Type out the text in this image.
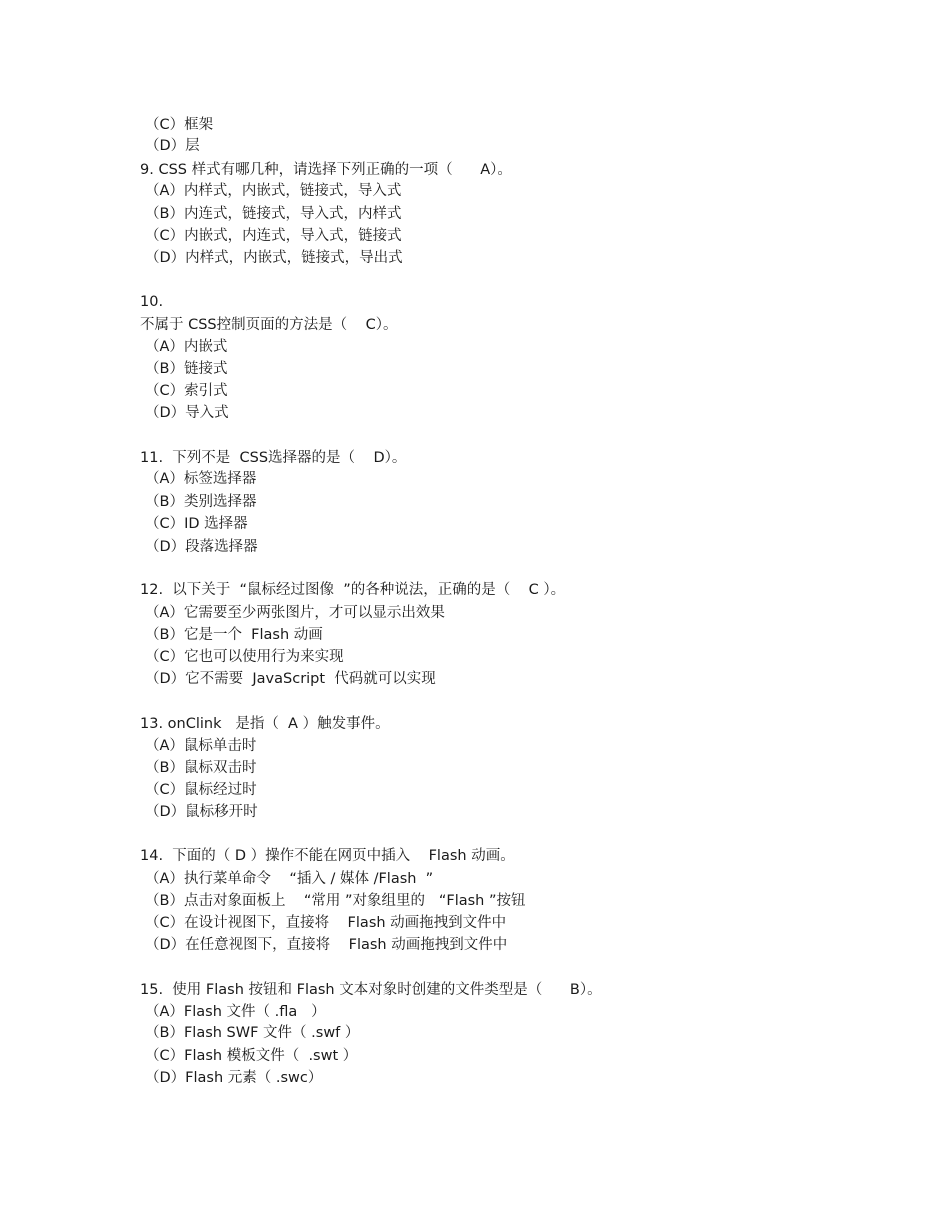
（C）框架
（D）层
9. CSS 样式有哪几种，请选择下列正确的一项（      A）。
（A）内样式，内嵌式，链接式，导入式
（B）内连式，链接式，导入式，内样式
（C）内嵌式，内连式，导入式，链接式
（D）内样式，内嵌式，链接式，导出式
10.
不属于 CSS控制页面的方法是（    C）。
（A）内嵌式
（B）链接式
（C）索引式
（D）导入式
11.  下列不是  CSS选择器的是（    D）。
（A）标签选择器
（B）类别选择器
（C）ID 选择器
（D）段落选择器
12.  以下关于  “鼠标经过图像  ”的各种说法，正确的是（    C ）。
（A）它需要至少两张图片，才可以显示出效果
（B）它是一个  Flash 动画
（C）它也可以使用行为来实现
（D）它不需要  JavaScript  代码就可以实现
13. onClink   是指（  A ）触发事件。
（A）鼠标单击时
（B）鼠标双击时
（C）鼠标经过时
（D）鼠标移开时
14.  下面的（ D ）操作不能在网页中插入    Flash 动画。
（A）执行菜单命令    “插入 / 媒体 /Flash  ”
（B）点击对象面板上    “常用 ”对象组里的   “Flash ”按钮
（C）在设计视图下，直接将    Flash 动画拖拽到文件中
（D）在任意视图下，直接将    Flash 动画拖拽到文件中
15.  使用 Flash 按钮和 Flash 文本对象时创建的文件类型是（      B）。
（A）Flash 文件（ .fla   ）
（B）Flash SWF 文件（ .swf ）
（C）Flash 模板文件（  .swt ）
（D）Flash 元素（ .swc）
